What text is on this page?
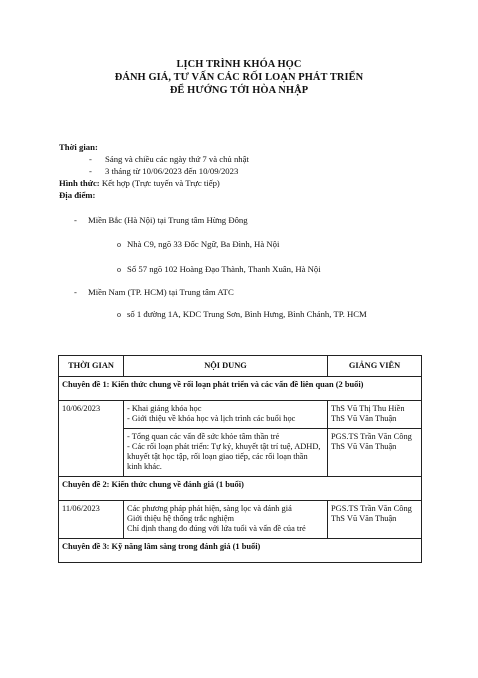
LỊCH TRÌNH KHÓA HỌC
ĐÁNH GIÁ, TƯ VẤN CÁC RỐI LOẠN PHÁT TRIỂN
ĐỂ HƯỚNG TỚI HÒA NHẬP
Thời gian:
- Sáng và chiều các ngày thứ 7 và chủ nhật
- 3 tháng từ 10/06/2023 đến 10/09/2023
Hình thức: Kết hợp (Trực tuyến và Trực tiếp)
Địa điểm:
- Miền Bắc (Hà Nội) tại Trung tâm Hừng Đông
o Nhà C9, ngõ 33 Đốc Ngữ, Ba Đình, Hà Nội
o Số 57 ngõ 102 Hoàng Đạo Thành, Thanh Xuân, Hà Nội
- Miền Nam (TP. HCM) tại Trung tâm ATC
o số 1 đường 1A, KDC Trung Sơn, Bình Hưng, Bình Chánh, TP. HCM
THỜI GIAN	NỘI DUNG	GIẢNG VIÊN
Chuyên đề 1: Kiến thức chung về rối loạn phát triển và các vấn đề liên quan (2 buổi)		
10/06/2023	- Khai giảng khóa học
- Giới thiệu về khóa học và lịch trình các buổi học	ThS Vũ Thị Thu Hiền
ThS Vũ Văn Thuận

	- Tổng quan các vấn đề sức khỏe tâm thần trẻ
- Các rối loạn phát triển: Tự kỷ, khuyết tật trí tuệ, ADHD, khuyết tật học tập, rối loạn giao tiếp, các rối loạn thần kinh khác.	PGS.TS Trần Văn Công
ThS Vũ Văn Thuận

Chuyên đề 2: Kiến thức chung về đánh giá (1 buổi)		
11/06/2023	Các phương pháp phát hiện, sàng lọc và đánh giá
Giới thiệu hệ thống trắc nghiệm
Chỉ định thang đo đúng với lứa tuổi và vấn đề của trẻ	PGS.TS Trần Văn Công
ThS Vũ Văn Thuận

Chuyên đề 3: Kỹ năng lâm sàng trong đánh giá (1 buổi)		
